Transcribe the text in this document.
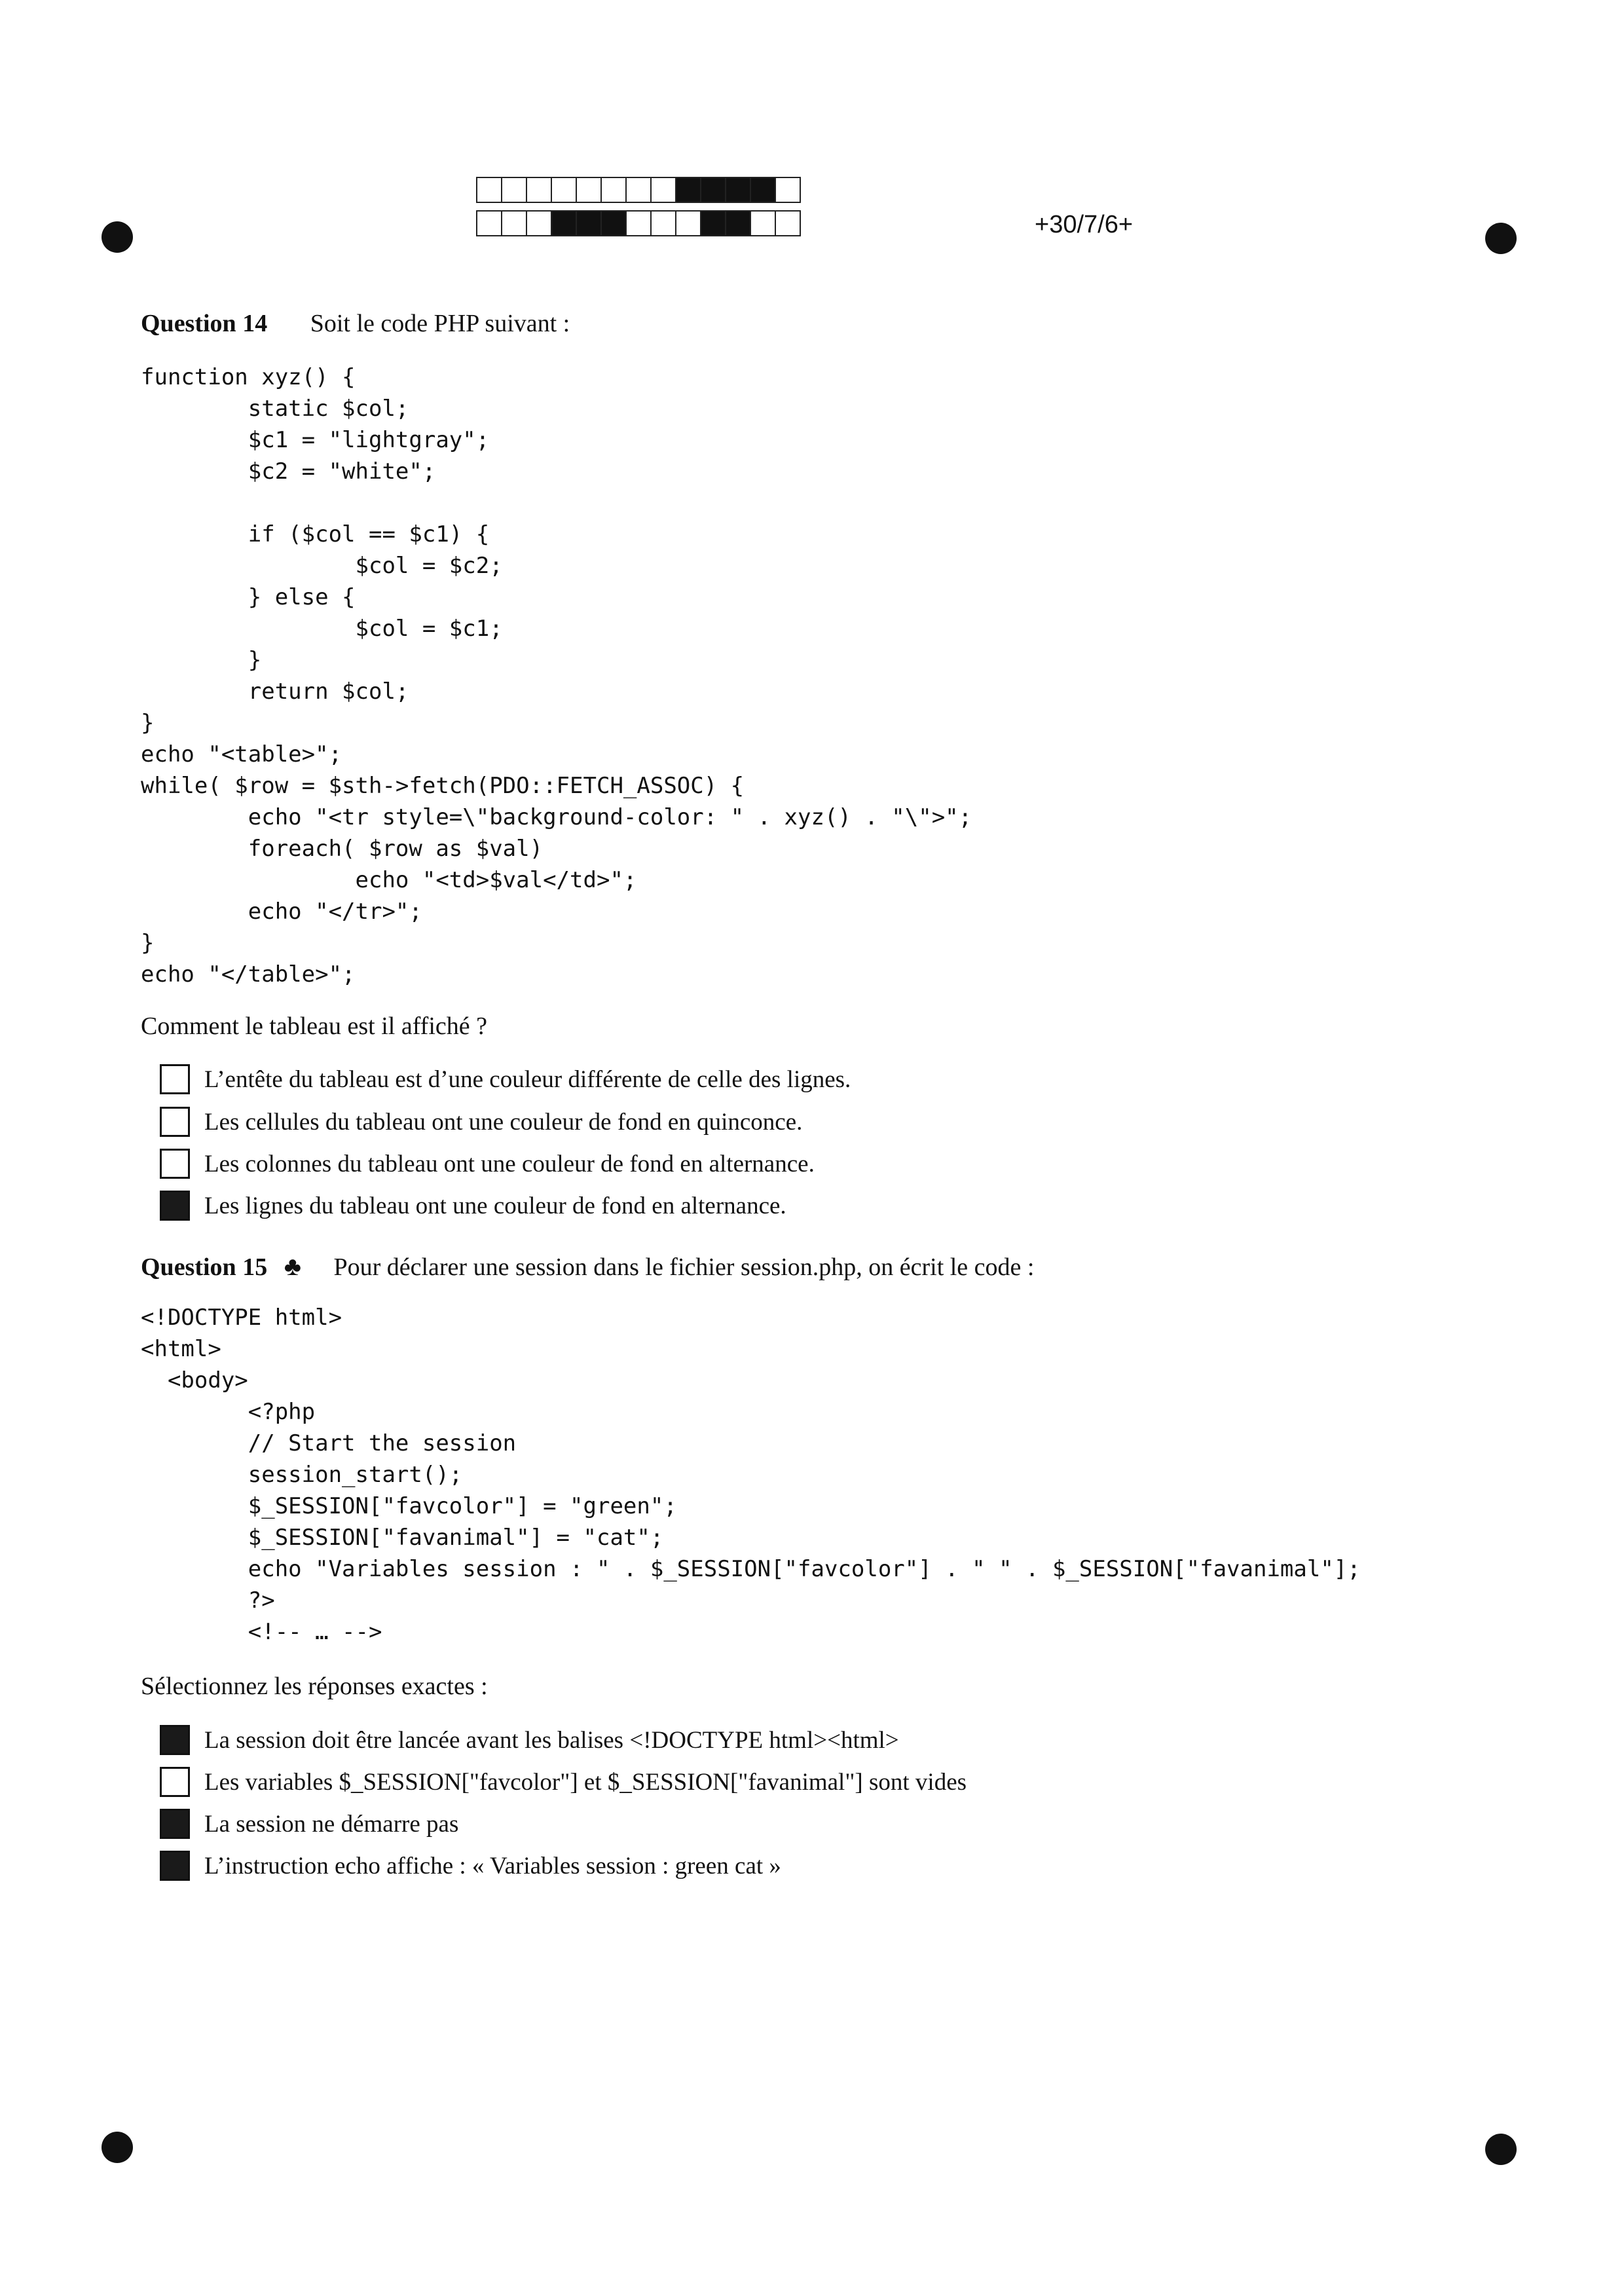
+30/7/6+
Question 14 Soit le code PHP suivant :
function xyz() {
static $col;
$c1 = "lightgray";
$c2 = "white";

if ($col == $c1) {
$col = $c2;
} else {
$col = $c1;
}
return $col;
}
echo "<table>";
while( $row = $sth->fetch(PDO::FETCH_ASSOC) {
echo "<tr style=\"background-color: " . xyz() . "\">";
foreach( $row as $val)
echo "<td>$val</td>";
echo "</tr>";
}
echo "</table>";
Comment le tableau est il affiché ?
L’entête du tableau est d’une couleur différente de celle des lignes.
Les cellules du tableau ont une couleur de fond en quinconce.
Les colonnes du tableau ont une couleur de fond en alternance.
Les lignes du tableau ont une couleur de fond en alternance.
Question 15 ♣ Pour déclarer une session dans le fichier session.php, on écrit le code :
<!DOCTYPE html>
<html>
<body>
<?php
// Start the session
session_start();
$_SESSION["favcolor"] = "green";
$_SESSION["favanimal"] = "cat";
echo "Variables session : " . $_SESSION["favcolor"] . " " . $_SESSION["favanimal"];
?>
<!-- … -->
Sélectionnez les réponses exactes :
La session doit être lancée avant les balises <!DOCTYPE html><html>
Les variables $_SESSION["favcolor"] et $_SESSION["favanimal"] sont vides
La session ne démarre pas
L’instruction echo affiche : « Variables session : green cat »
